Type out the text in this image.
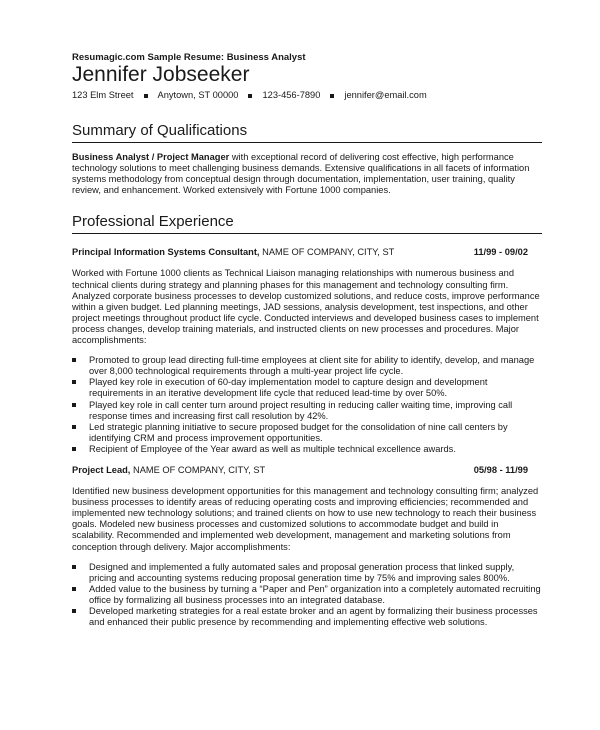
Resumagic.com Sample Resume: Business Analyst

Jennifer Jobseeker
123 Elm Street	Anytown, ST 00000	123-456-7890	jennifer@email.com
Summary of Qualifications

Business Analyst / Project Manager with exceptional record of delivering cost effective, high performance technology solutions to meet challenging business demands. Extensive qualifications in all facets of information systems methodology from conceptual design through documentation, implementation, user training, quality review, and enhancement. Worked extensively with Fortune 1000 companies.

Professional Experience
Principal Information Systems Consultant, NAME OF COMPANY, CITY, ST	11/99 - 09/02

Worked with Fortune 1000 clients as Technical Liaison managing relationships with numerous business and technical clients during strategy and planning phases for this management and technology consulting firm. Analyzed corporate business processes to develop customized solutions, and reduce costs, improve performance within a given budget. Led planning meetings, JAD sessions, analysis development, test inspections, and other project meetings throughout product life cycle. Conducted interviews and developed business cases to implement process changes, develop training materials, and instructed clients on new processes and procedures. Major accomplishments:

Promoted to group lead directing full-time employees at client site for ability to identify, develop, and manage over 8,000 technological requirements through a multi-year project life cycle.
Played key role in execution of 60-day implementation model to capture design and development requirements in an iterative development life cycle that reduced lead-time by over 50%.
Played key role in call center turn around project resulting in reducing caller waiting time, improving call response times and increasing first call resolution by 42%.
Led strategic planning initiative to secure proposed budget for the consolidation of nine call centers by identifying CRM and process improvement opportunities.
Recipient of Employee of the Year award as well as multiple technical excellence awards.
Project Lead, NAME OF COMPANY, CITY, ST	05/98 - 11/99

Identified new business development opportunities for this management and technology consulting firm; analyzed business processes to identify areas of reducing operating costs and improving efficiencies; recommended and implemented new technology solutions; and trained clients on how to use new technology to reach their business goals. Modeled new business processes and customized solutions to accommodate budget and build in scalability. Recommended and implemented web development, management and marketing solutions from conception through delivery. Major accomplishments:

Designed and implemented a fully automated sales and proposal generation process that linked supply, pricing and accounting systems reducing proposal generation time by 75% and improving sales 800%.
Added value to the business by turning a “Paper and Pen” organization into a completely automated recruiting office by formalizing all business processes into an integrated database.
Developed marketing strategies for a real estate broker and an agent by formalizing their business processes and enhanced their public presence by recommending and implementing effective web solutions.
